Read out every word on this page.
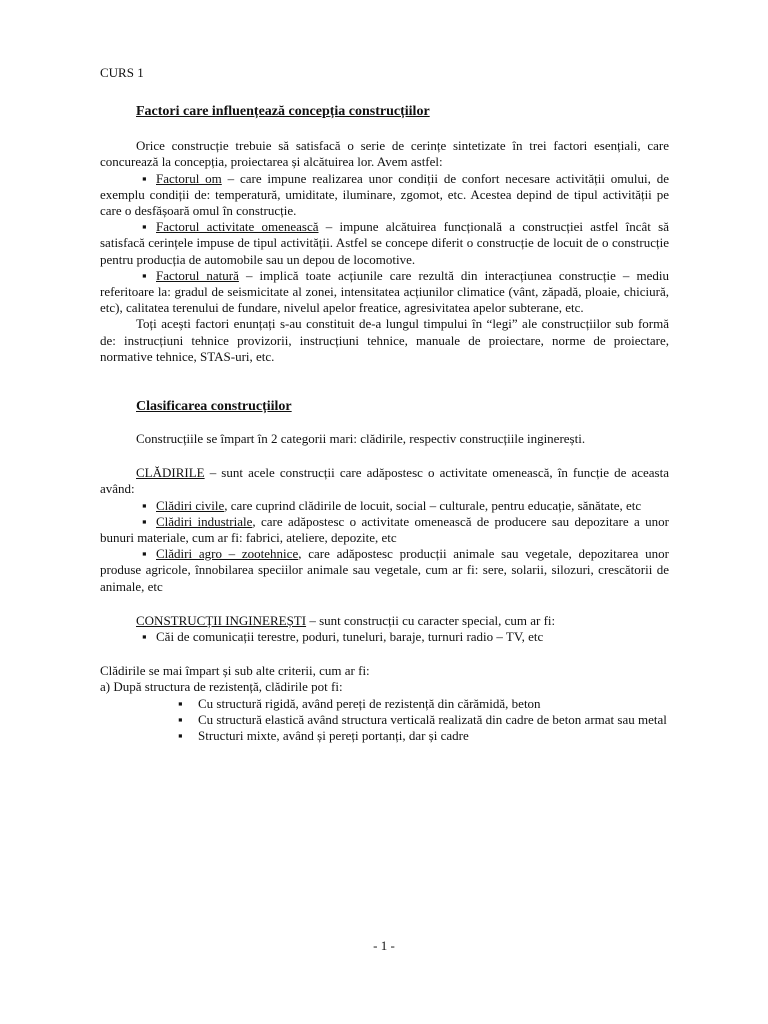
CURS 1

Factori care influențează concepția construcțiilor

Orice construcție trebuie să satisfacă o serie de cerințe sintetizate în trei factori esențiali, care concurează la concepția, proiectarea și alcătuirea lor. Avem astfel:

▪ Factorul om – care impune realizarea unor condiții de confort necesare activității omului, de exemplu condiții de: temperatură, umiditate, iluminare, zgomot, etc. Acestea depind de tipul activității pe care o desfășoară omul în construcție.

▪ Factorul activitate omenească – impune alcătuirea funcțională a construcției astfel încât să satisfacă cerințele impuse de tipul activității. Astfel se concepe diferit o construcție de locuit de o construcție pentru producția de automobile sau un depou de locomotive.

▪ Factorul natură – implică toate acțiunile care rezultă din interacțiunea construcție – mediu referitoare la: gradul de seismicitate al zonei, intensitatea acțiunilor climatice (vânt, zăpadă, ploaie, chiciură, etc), calitatea terenului de fundare, nivelul apelor freatice, agresivitatea apelor subterane, etc.

Toți acești factori enunțați s-au constituit de-a lungul timpului în “legi” ale construcțiilor sub formă de: instrucțiuni tehnice provizorii, instrucțiuni tehnice, manuale de proiectare, norme de proiectare, normative tehnice, STAS-uri, etc.

Clasificarea construcțiilor

Construcțiile se împart în 2 categorii mari: clădirile, respectiv construcțiile inginerești.

CLĂDIRILE – sunt acele construcții care adăpostesc o activitate omenească, în funcție de aceasta având:

▪ Clădiri civile, care cuprind clădirile de locuit, social – culturale, pentru educație, sănătate, etc

▪ Clădiri industriale, care adăpostesc o activitate omenească de producere sau depozitare a unor bunuri materiale, cum ar fi: fabrici, ateliere, depozite, etc

▪ Clădiri agro – zootehnice, care adăpostesc producții animale sau vegetale, depozitarea unor produse agricole, înnobilarea speciilor animale sau vegetale, cum ar fi: sere, solarii, silozuri, crescătorii de animale, etc

CONSTRUCȚII INGINEREȘTI – sunt construcții cu caracter special, cum ar fi:

▪ Căi de comunicații terestre, poduri, tuneluri, baraje, turnuri radio – TV, etc

Clădirile se mai împart și sub alte criterii, cum ar fi:

a) După structura de rezistență, clădirile pot fi:

▪ Cu structură rigidă, având pereți de rezistență din cărămidă, beton

▪ Cu structură elastică având structura verticală realizată din cadre de beton armat sau metal

▪ Structuri mixte, având și pereți portanți, dar și cadre

- 1 -
